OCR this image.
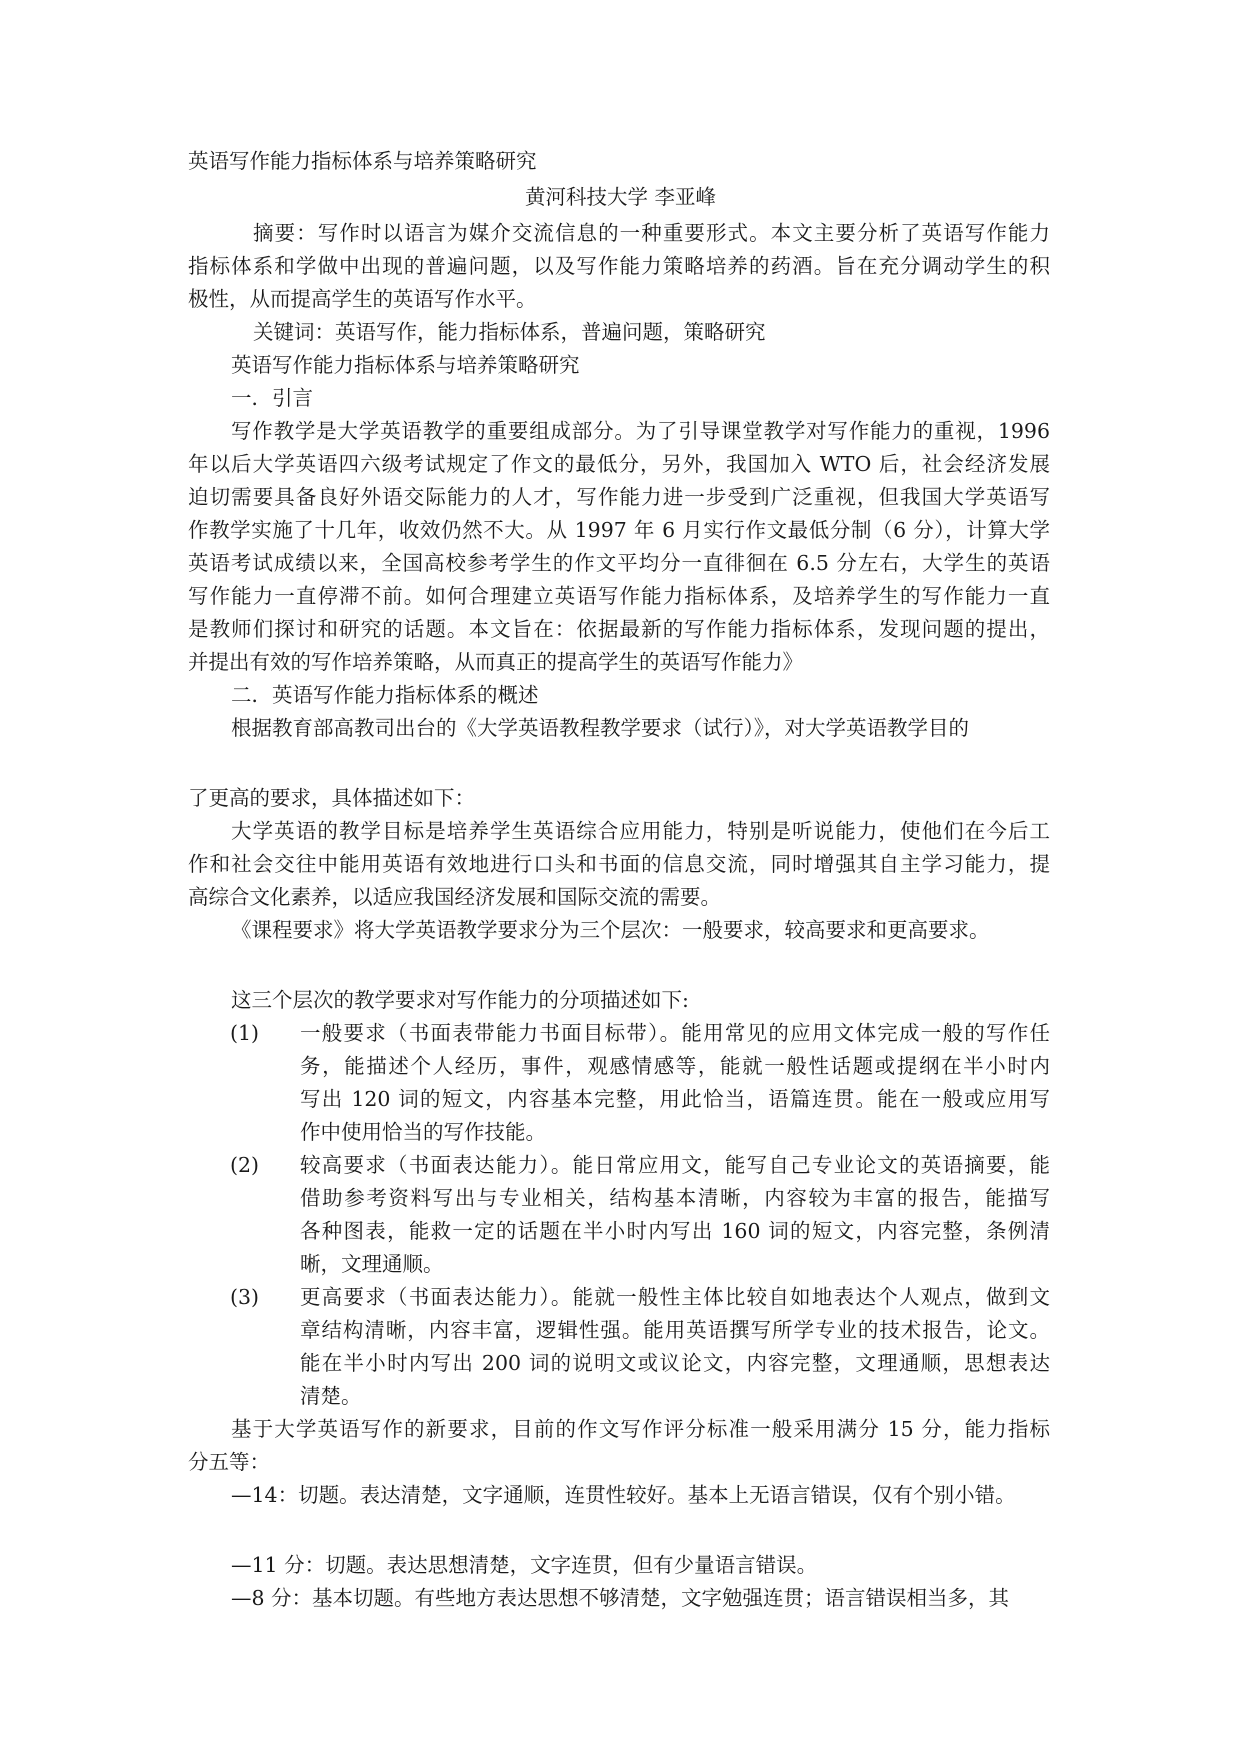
英语写作能力指标体系与培养策略研究
黄河科技大学 李亚峰
摘要：写作时以语言为媒介交流信息的一种重要形式。本文主要分析了英语写作能力
指标体系和学做中出现的普遍问题，以及写作能力策略培养的药酒。旨在充分调动学生的积
极性，从而提高学生的英语写作水平。
关键词：英语写作，能力指标体系，普遍问题，策略研究
英语写作能力指标体系与培养策略研究
一．引言
写作教学是大学英语教学的重要组成部分。为了引导课堂教学对写作能力的重视，1996
年以后大学英语四六级考试规定了作文的最低分，另外，我国加入 WTO 后，社会经济发展
迫切需要具备良好外语交际能力的人才，写作能力进一步受到广泛重视，但我国大学英语写
作教学实施了十几年，收效仍然不大。从 1997 年 6 月实行作文最低分制（6 分），计算大学
英语考试成绩以来，全国高校参考学生的作文平均分一直徘徊在 6.5 分左右，大学生的英语
写作能力一直停滞不前。如何合理建立英语写作能力指标体系，及培养学生的写作能力一直
是教师们探讨和研究的话题。本文旨在：依据最新的写作能力指标体系，发现问题的提出，
并提出有效的写作培养策略，从而真正的提高学生的英语写作能力》
二．英语写作能力指标体系的概述
根据教育部高教司出台的《大学英语教程教学要求（试行）》，对大学英语教学目的
了更高的要求，具体描述如下：
大学英语的教学目标是培养学生英语综合应用能力，特别是听说能力，使他们在今后工
作和社会交往中能用英语有效地进行口头和书面的信息交流，同时增强其自主学习能力，提
高综合文化素养，以适应我国经济发展和国际交流的需要。
《课程要求》将大学英语教学要求分为三个层次：一般要求，较高要求和更高要求。
这三个层次的教学要求对写作能力的分项描述如下:
(1) 一般要求（书面表带能力书面目标带）。能用常见的应用文体完成一般的写作任
务，能描述个人经历，事件，观感情感等，能就一般性话题或提纲在半小时内
写出 120 词的短文，内容基本完整，用此恰当，语篇连贯。能在一般或应用写
作中使用恰当的写作技能。
(2) 较高要求（书面表达能力）。能日常应用文，能写自己专业论文的英语摘要，能
借助参考资料写出与专业相关，结构基本清晰，内容较为丰富的报告，能描写
各种图表，能救一定的话题在半小时内写出 160 词的短文，内容完整，条例清
晰，文理通顺。
(3) 更高要求（书面表达能力）。能就一般性主体比较自如地表达个人观点，做到文
章结构清晰，内容丰富，逻辑性强。能用英语撰写所学专业的技术报告，论文。
能在半小时内写出 200 词的说明文或议论文，内容完整，文理通顺，思想表达
清楚。
基于大学英语写作的新要求，目前的作文写作评分标准一般采用满分 15 分，能力指标
分五等：
—14：切题。表达清楚，文字通顺，连贯性较好。基本上无语言错误，仅有个别小错。
—11 分：切题。表达思想清楚，文字连贯，但有少量语言错误。
—8 分：基本切题。有些地方表达思想不够清楚，文字勉强连贯；语言错误相当多，其
